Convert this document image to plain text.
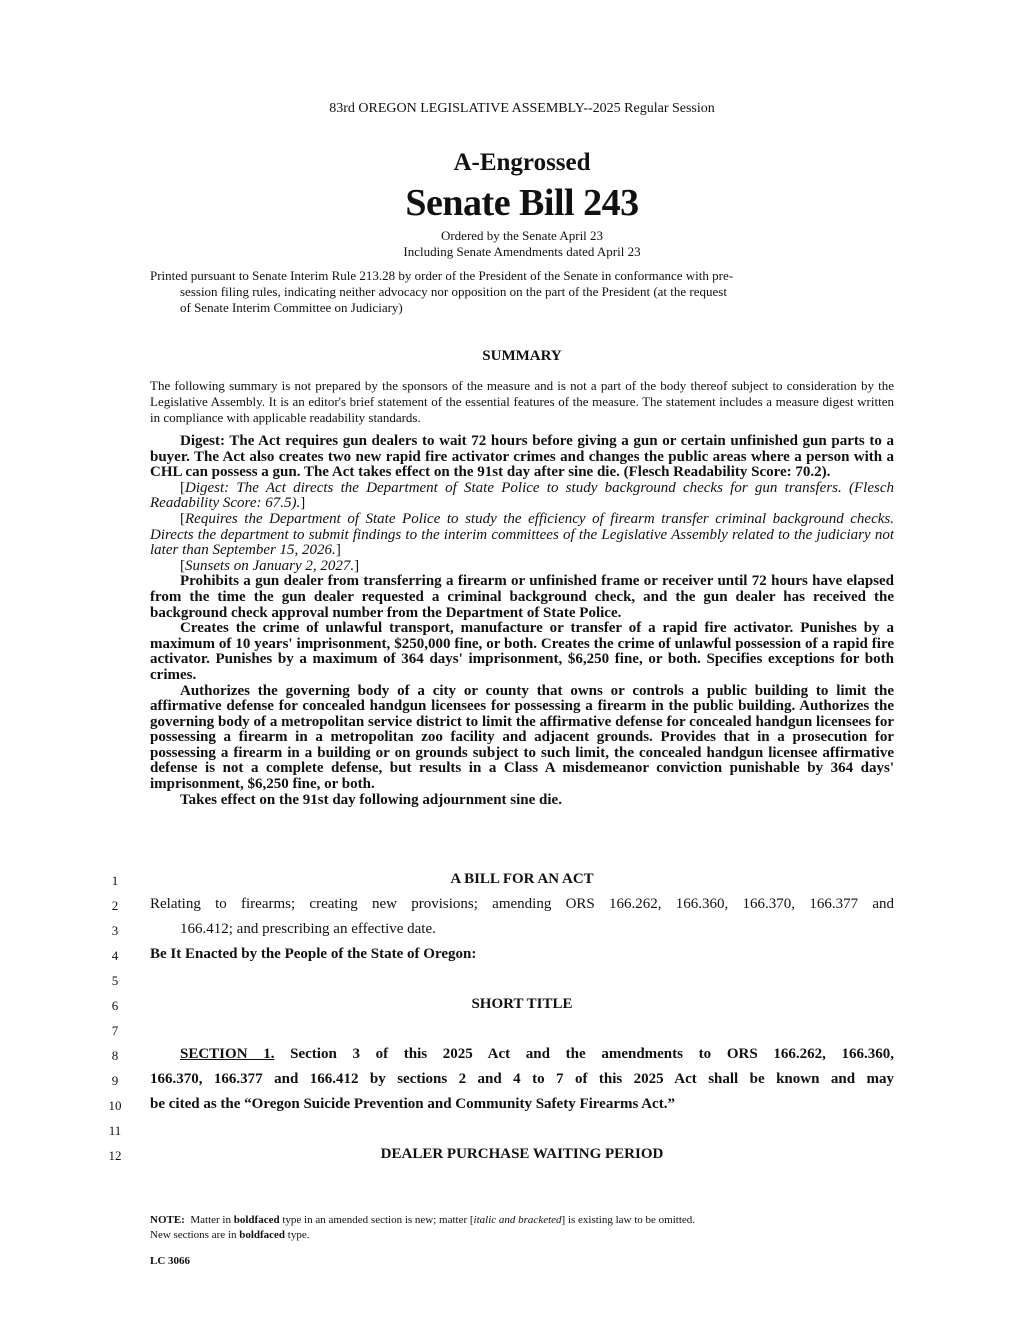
83rd OREGON LEGISLATIVE ASSEMBLY--2025 Regular Session
A-Engrossed
Senate Bill 243
Ordered by the Senate April 23
Including Senate Amendments dated April 23
Printed pursuant to Senate Interim Rule 213.28 by order of the President of the Senate in conformance with pre-
session filing rules, indicating neither advocacy nor opposition on the part of the President (at the request
of Senate Interim Committee on Judiciary)
SUMMARY
The following summary is not prepared by the sponsors of the measure and is not a part of the body thereof subject to consideration by the Legislative Assembly. It is an editor's brief statement of the essential features of the measure. The statement includes a measure digest written in compliance with applicable readability standards.

Digest: The Act requires gun dealers to wait 72 hours before giving a gun or certain unfinished gun parts to a buyer. The Act also creates two new rapid fire activator crimes and changes the public areas where a person with a CHL can possess a gun. The Act takes effect on the 91st day after sine die. (Flesch Readability Score: 70.2).

[Digest: The Act directs the Department of State Police to study background checks for gun transfers. (Flesch Readability Score: 67.5).]

[Requires the Department of State Police to study the efficiency of firearm transfer criminal background checks. Directs the department to submit findings to the interim committees of the Legislative Assembly related to the judiciary not later than September 15, 2026.]

[Sunsets on January 2, 2027.]

Prohibits a gun dealer from transferring a firearm or unfinished frame or receiver until 72 hours have elapsed from the time the gun dealer requested a criminal background check, and the gun dealer has received the background check approval number from the Department of State Police.

Creates the crime of unlawful transport, manufacture or transfer of a rapid fire activator. Punishes by a maximum of 10 years' imprisonment, $250,000 fine, or both. Creates the crime of unlawful possession of a rapid fire activator. Punishes by a maximum of 364 days' imprisonment, $6,250 fine, or both. Specifies exceptions for both crimes.

Authorizes the governing body of a city or county that owns or controls a public building to limit the affirmative defense for concealed handgun licensees for possessing a firearm in the public building. Authorizes the governing body of a metropolitan service district to limit the affirmative defense for concealed handgun licensees for possessing a firearm in a metropolitan zoo facility and adjacent grounds. Provides that in a prosecution for possessing a firearm in a building or on grounds subject to such limit, the concealed handgun licensee affirmative defense is not a complete defense, but results in a Class A misdemeanor conviction punishable by 364 days' imprisonment, $6,250 fine, or both.

Takes effect on the 91st day following adjournment sine die.

1
2
3
4
5
6
7
8
9
10
11
12
A BILL FOR AN ACT
Relating to firearms; creating new provisions; amending ORS 166.262, 166.360, 166.370, 166.377 and
166.412; and prescribing an effective date.
Be It Enacted by the People of the State of Oregon:
SHORT TITLE
SECTION 1. Section 3 of this 2025 Act and the amendments to ORS 166.262, 166.360,
166.370, 166.377 and 166.412 by sections 2 and 4 to 7 of this 2025 Act shall be known and may
be cited as the “Oregon Suicide Prevention and Community Safety Firearms Act.”
DEALER PURCHASE WAITING PERIOD
NOTE: Matter in boldfaced type in an amended section is new; matter [italic and bracketed] is existing law to be omitted.
New sections are in boldfaced type.
LC 3066
